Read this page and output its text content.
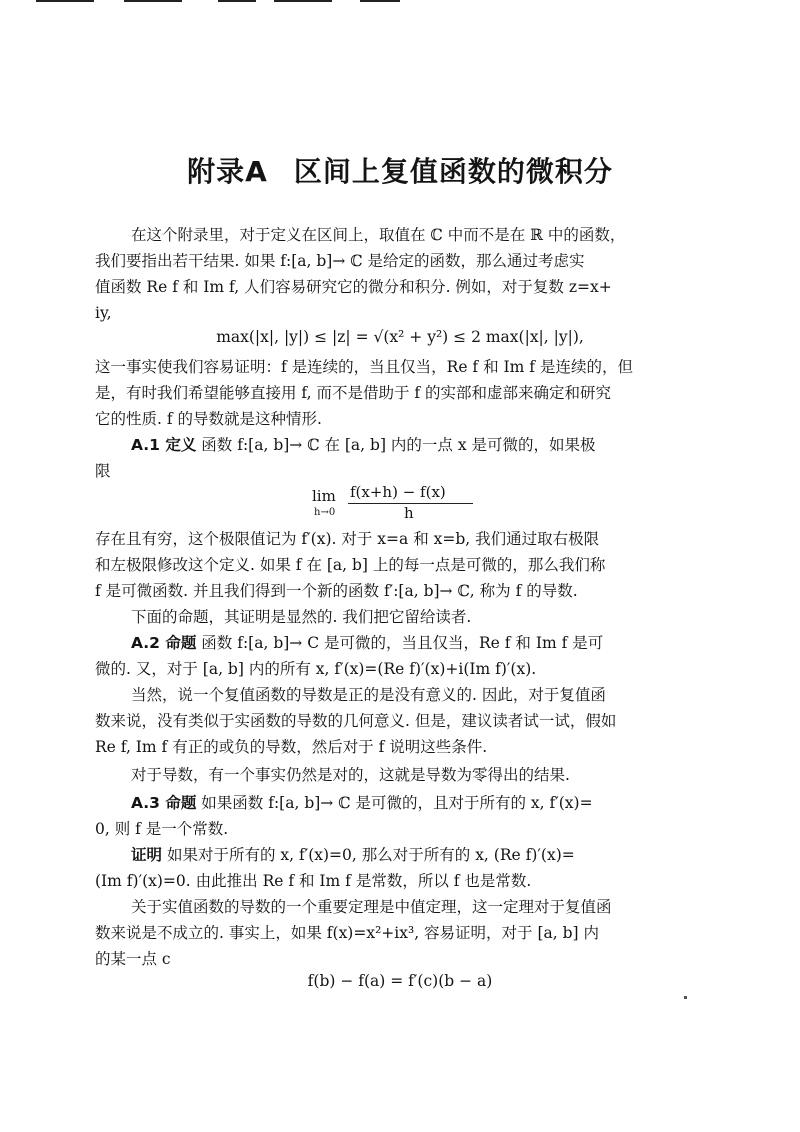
附录A 区间上复值函数的微积分
在这个附录里，对于定义在区间上，取值在 ℂ 中而不是在 ℝ 中的函数，
我们要指出若干结果. 如果 f:[a, b]→ ℂ 是给定的函数，那么通过考虑实
值函数 Re f 和 Im f, 人们容易研究它的微分和积分. 例如，对于复数 z=x+
iy,
max(|x|, |y|) ≤ |z| = √(x² + y²) ≤ 2 max(|x|, |y|),
这一事实使我们容易证明：f 是连续的，当且仅当，Re f 和 Im f 是连续的，但
是，有时我们希望能够直接用 f, 而不是借助于 f 的实部和虚部来确定和研究
它的性质. f 的导数就是这种情形.
A.1 定义 函数 f:[a, b]→ ℂ 在 [a, b] 内的一点 x 是可微的，如果极
限
lim
h→0
f(x+h) − f(x)
h
存在且有穷，这个极限值记为 f′(x). 对于 x=a 和 x=b, 我们通过取右极限
和左极限修改这个定义. 如果 f 在 [a, b] 上的每一点是可微的，那么我们称
f 是可微函数. 并且我们得到一个新的函数 f′:[a, b]→ ℂ, 称为 f 的导数.
下面的命题，其证明是显然的. 我们把它留给读者.
A.2 命题 函数 f:[a, b]→ C 是可微的，当且仅当，Re f 和 Im f 是可
微的. 又，对于 [a, b] 内的所有 x, f′(x)=(Re f)′(x)+i(Im f)′(x).
当然，说一个复值函数的导数是正的是没有意义的. 因此，对于复值函
数来说，没有类似于实函数的导数的几何意义. 但是，建议读者试一试，假如
Re f, Im f 有正的或负的导数，然后对于 f 说明这些条件.
对于导数，有一个事实仍然是对的，这就是导数为零得出的结果.
A.3 命题 如果函数 f:[a, b]→ ℂ 是可微的，且对于所有的 x, f′(x)=
0, 则 f 是一个常数.
证明 如果对于所有的 x, f′(x)=0, 那么对于所有的 x, (Re f)′(x)=
(Im f)′(x)=0. 由此推出 Re f 和 Im f 是常数，所以 f 也是常数.
关于实值函数的导数的一个重要定理是中值定理，这一定理对于复值函
数来说是不成立的. 事实上，如果 f(x)=x²+ix³, 容易证明，对于 [a, b] 内
的某一点 c
f(b) − f(a) = f′(c)(b − a)
